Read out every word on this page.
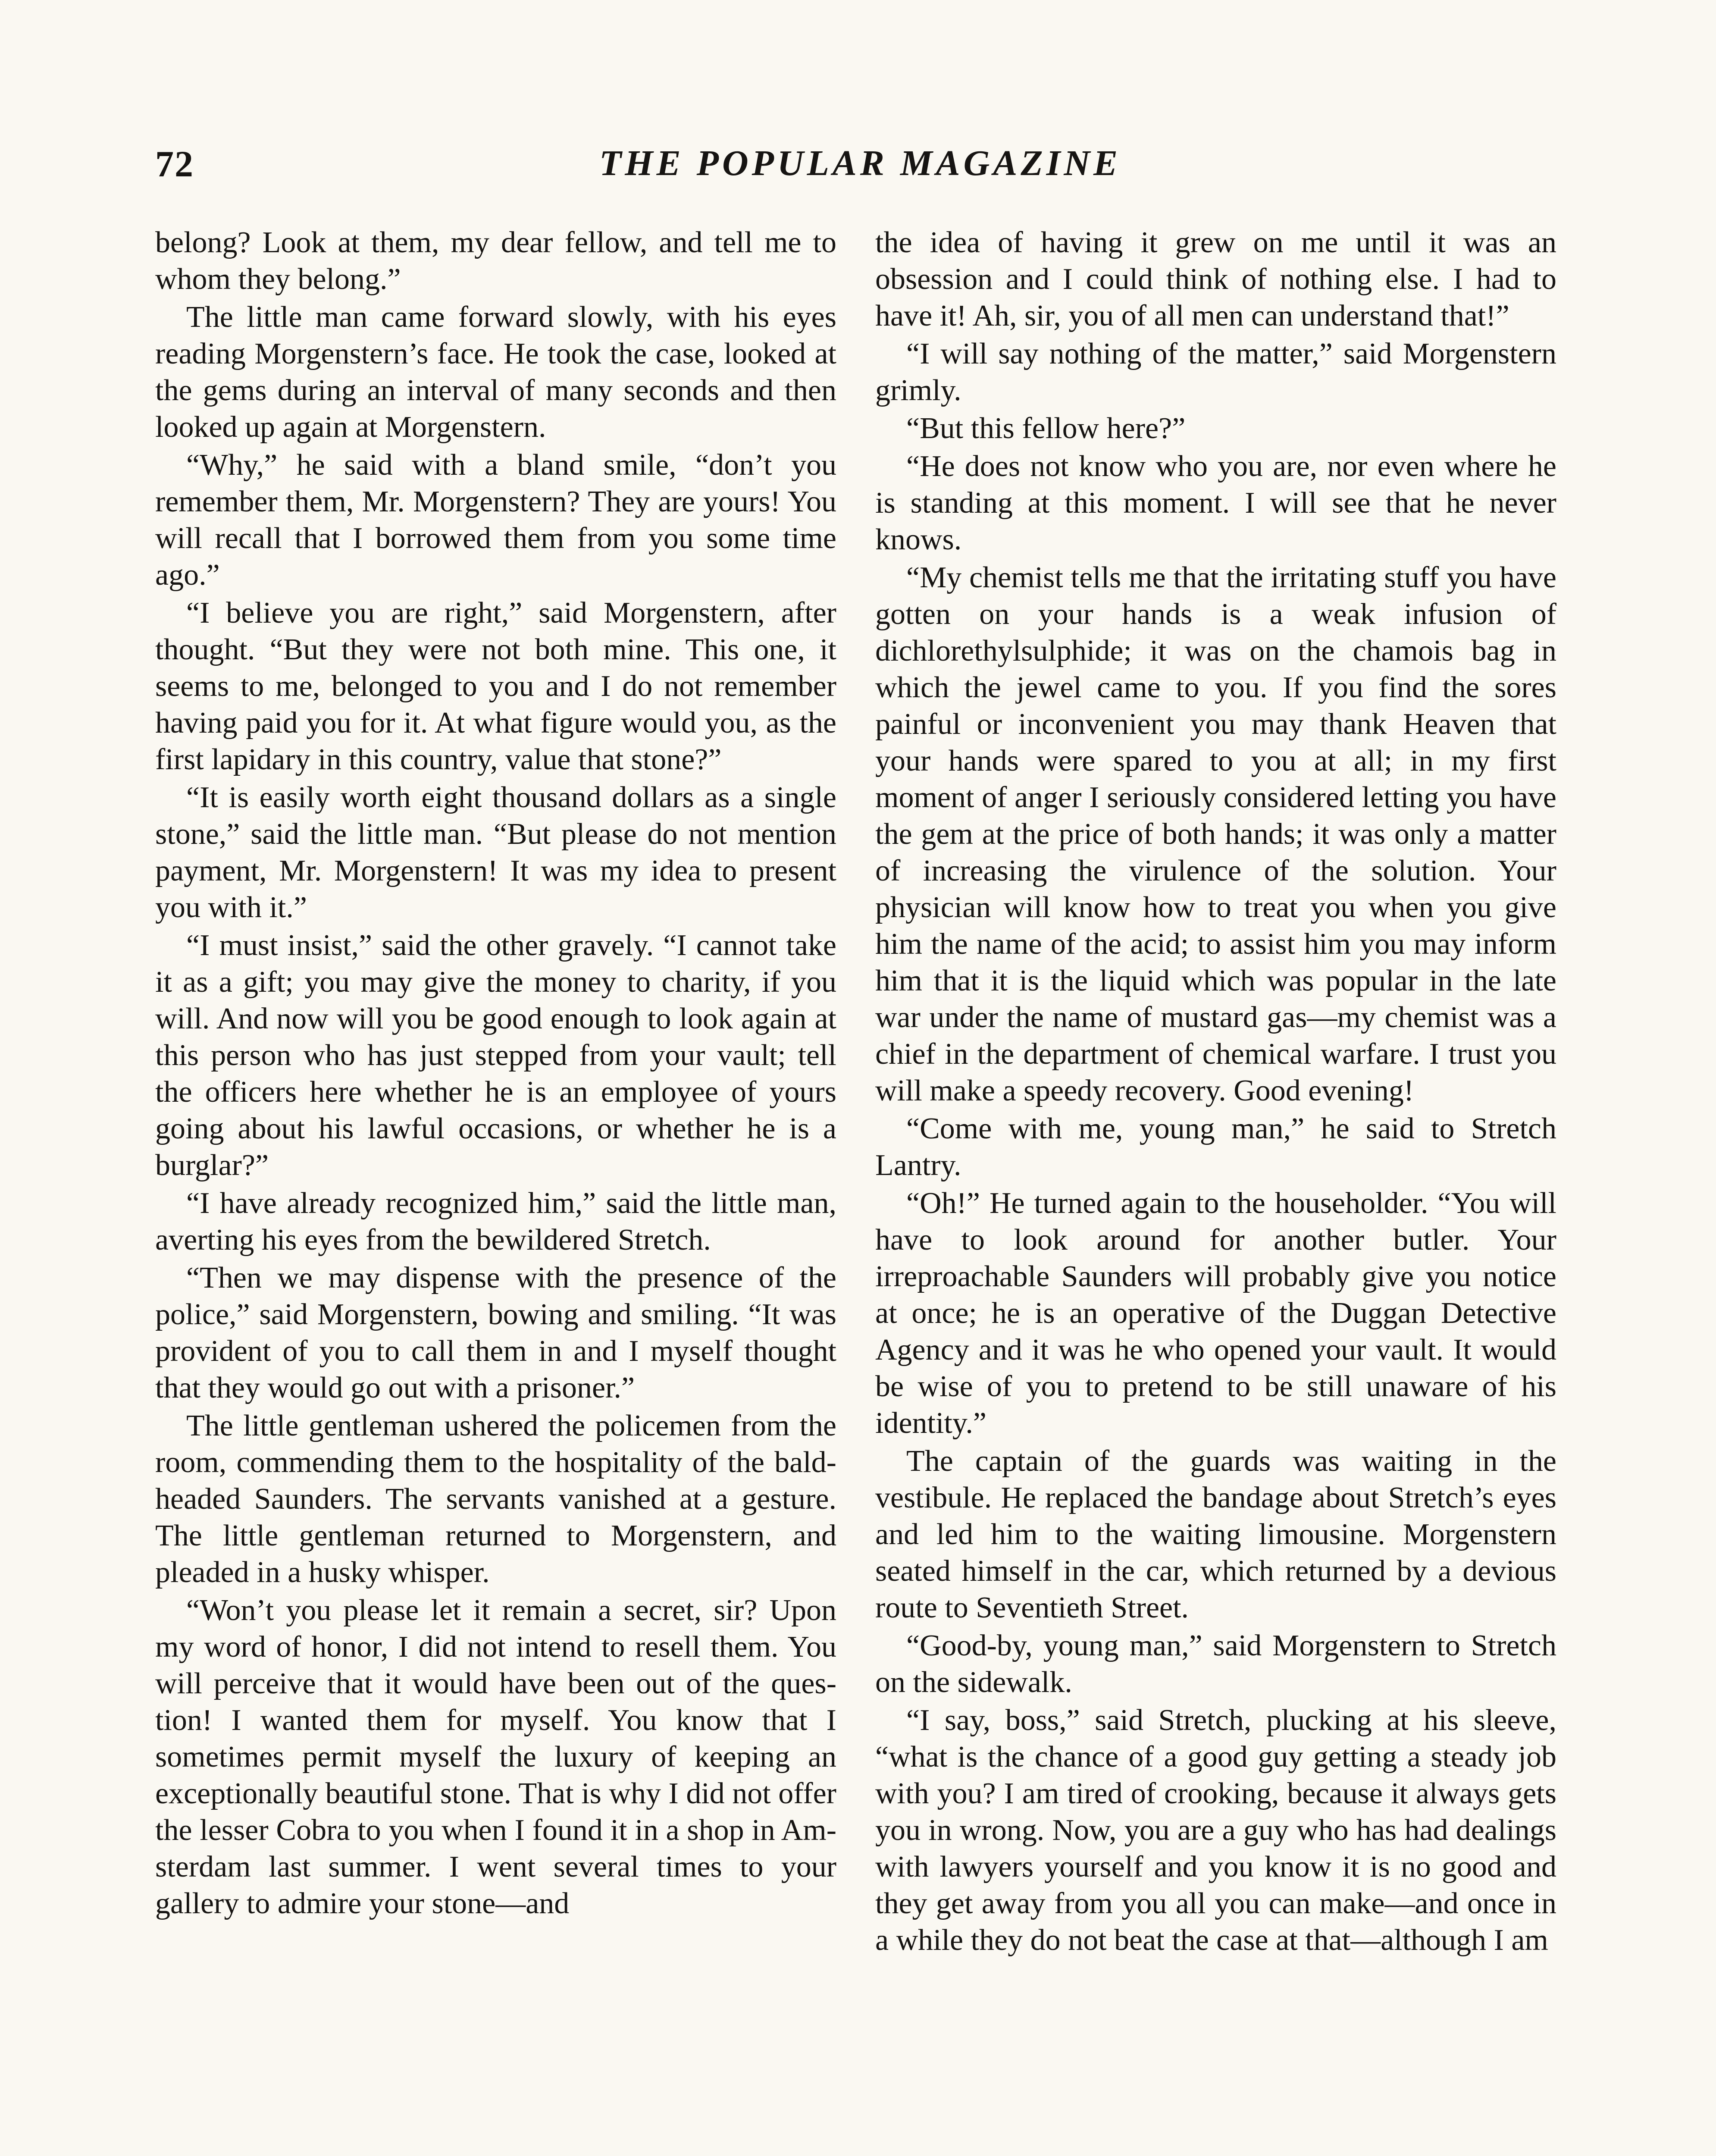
72	THE POPULAR MAGAZINE

belong? Look at them, my dear fellow, and tell me to whom they belong.”

The little man came forward slowly, with his eyes reading Morgenstern’s face. He took the case, looked at the gems during an interval of many seconds and then looked up again at Morgenstern.

“Why,” he said with a bland smile, “don’t you remember them, Mr. Morgenstern? They are yours! You will recall that I borrowed them from you some time ago.”

“I believe you are right,” said Morgenstern, after thought. “But they were not both mine. This one, it seems to me, belonged to you and I do not remember having paid you for it. At what figure would you, as the first lapidary in this country, value that stone?”

“It is easily worth eight thousand dollars as a single stone,” said the little man. “But please do not mention payment, Mr. Morgenstern! It was my idea to present you with it.”

“I must insist,” said the other gravely. “I cannot take it as a gift; you may give the money to charity, if you will. And now will you be good enough to look again at this person who has just stepped from your vault; tell the officers here whether he is an employee of yours going about his lawful occasions, or whether he is a burglar?”

“I have already recognized him,” said the little man, averting his eyes from the bewildered Stretch.

“Then we may dispense with the presence of the police,” said Morgenstern, bowing and smiling. “It was provident of you to call them in and I myself thought that they would go out with a prisoner.”

The little gentleman ushered the policemen from the room, commending them to the hospitality of the bald-headed Saunders. The servants vanished at a gesture. The little gentleman returned to Morgenstern, and pleaded in a husky whisper.

“Won’t you please let it remain a secret, sir? Upon my word of honor, I did not intend to resell them. You will perceive that it would have been out of the question! I wanted them for myself. You know that I sometimes permit myself the luxury of keeping an exceptionally beautiful stone. That is why I did not offer the lesser Cobra to you when I found it in a shop in Amsterdam last summer. I went several times to your gallery to admire your stone—and

the idea of having it grew on me until it was an obsession and I could think of nothing else. I had to have it! Ah, sir, you of all men can understand that!”

“I will say nothing of the matter,” said Morgenstern grimly.

“But this fellow here?”

“He does not know who you are, nor even where he is standing at this moment. I will see that he never knows.

“My chemist tells me that the irritating stuff you have gotten on your hands is a weak infusion of dichlorethylsulphide; it was on the chamois bag in which the jewel came to you. If you find the sores painful or inconvenient you may thank Heaven that your hands were spared to you at all; in my first moment of anger I seriously considered letting you have the gem at the price of both hands; it was only a matter of increasing the virulence of the solution. Your physician will know how to treat you when you give him the name of the acid; to assist him you may inform him that it is the liquid which was popular in the late war under the name of mustard gas—my chemist was a chief in the department of chemical warfare. I trust you will make a speedy recovery. Good evening!

“Come with me, young man,” he said to Stretch Lantry.

“Oh!” He turned again to the householder. “You will have to look around for another butler. Your irreproachable Saunders will probably give you notice at once; he is an operative of the Duggan Detective Agency and it was he who opened your vault. It would be wise of you to pretend to be still unaware of his identity.”

The captain of the guards was waiting in the vestibule. He replaced the bandage about Stretch’s eyes and led him to the waiting limousine. Morgenstern seated himself in the car, which returned by a devious route to Seventieth Street.

“Good-by, young man,” said Morgenstern to Stretch on the sidewalk.

“I say, boss,” said Stretch, plucking at his sleeve, “what is the chance of a good guy getting a steady job with you? I am tired of crooking, because it always gets you in wrong. Now, you are a guy who has had dealings with lawyers yourself and you know it is no good and they get away from you all you can make—and once in a while they do not beat the case at that—although I am
